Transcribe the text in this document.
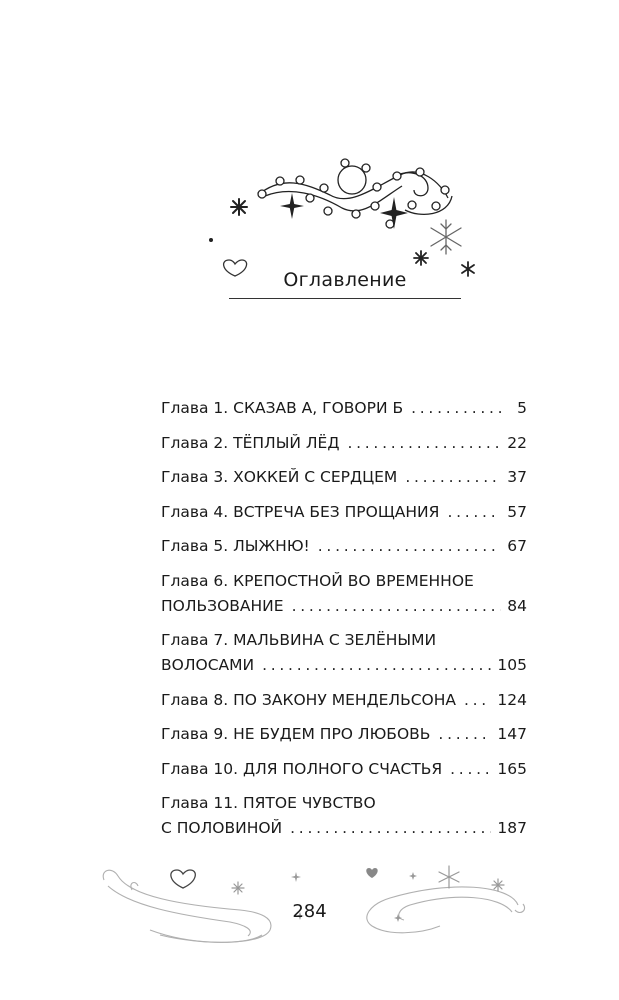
Оглавление
Глава 1. СКАЗАВ А, ГОВОРИ Б . . .	5
Глава 2. ТЁПЛЫЙ ЛЁД . . .	22
Глава 3. ХОККЕЙ С СЕРДЦЕМ . . .	37
Глава 4. ВСТРЕЧА БЕЗ ПРОЩАНИЯ . . .	57
Глава 5. ЛЫЖНЮ! . . .	67
Глава 6. КРЕПОСТНОЙ ВО ВРЕМЕННОЕ
ПОЛЬЗОВАНИЕ . . .	84
Глава 7. МАЛЬВИНА С ЗЕЛЁНЫМИ
ВОЛОСАМИ . . .	105
Глава 8. ПО ЗАКОНУ МЕНДЕЛЬСОНА . . .	124
Глава 9. НЕ БУДЕМ ПРО ЛЮБОВЬ . . .	147
Глава 10. ДЛЯ ПОЛНОГО СЧАСТЬЯ . . .	165
Глава 11. ПЯТОЕ ЧУВСТВО
С ПОЛОВИНОЙ . . .	187
284
